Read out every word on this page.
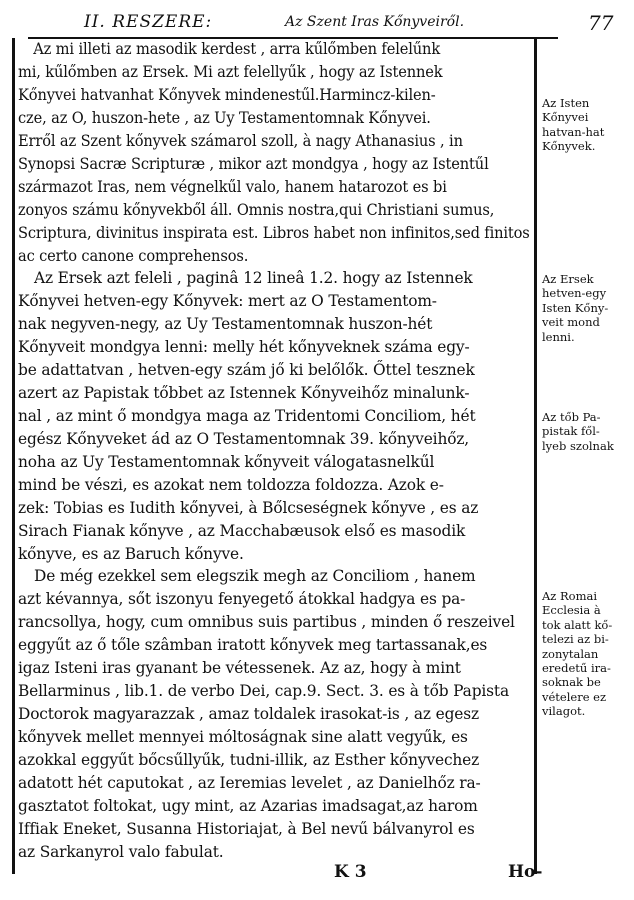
II. RESZERE:	Az Szent Iras Kőnyveiről.	77

Az mi illeti az masodik kerdest , arra kűlőmben felelűnk

mi, kűlőmben az Ersek. Mi azt felellyűk , hogy az Istennek

Kőnyvei hatvanhat Kőnyvek mindenestűl.Harmincz-kilen-

cze, az O, huszon-hete , az Uy Testamentomnak Kőnyvei.

Erről az Szent kőnyvek számarol szoll, à nagy Athanasius , in

Synopsi Sacræ Scripturæ , mikor azt mondgya , hogy az Istentűl

származot Iras, nem végnelkűl valo, hanem hatarozot es bi

zonyos számu kőnyvekből áll. Omnis nostra,qui Christiani sumus,

Scriptura, divinitus inspirata est. Libros habet non infinitos,sed finitos

ac certo canone comprehensos.

Az Ersek azt feleli , paginâ 12 lineâ 1.2. hogy az Istennek

Kőnyvei hetven-egy Kőnyvek: mert az O Testamentom-

nak negyven-negy, az Uy Testamentomnak huszon-hét

Kőnyveit mondgya lenni: melly hét kőnyveknek száma egy-

be adattatvan , hetven-egy szám jő ki belőlők. Őttel tesznek

azert az Papistak tőbbet az Istennek Kőnyveihőz minalunk-

nal , az mint ő mondgya maga az Tridentomi Conciliom, hét

egész Kőnyveket ád az O Testamentomnak 39. kőnyveihőz,

noha az Uy Testamentomnak kőnyveit válogatasnelkűl

mind be vészi, es azokat nem toldozza foldozza. Azok e-

zek: Tobias es Iudith kőnyvei, à Bőlcseségnek kőnyve , es az

Sirach Fianak kőnyve , az Macchabæusok első es masodik

kőnyve, es az Baruch kőnyve.

De még ezekkel sem elegszik megh az Conciliom , hanem

azt kévannya, sőt iszonyu fenyegető átokkal hadgya es pa-

rancsollya, hogy, cum omnibus suis partibus , minden ő reszeivel

eggyűt az ő tőle szâmban iratott kőnyvek meg tartassanak,es

igaz Isteni iras gyanant be vétessenek. Az az, hogy à mint

Bellarminus , lib.1. de verbo Dei, cap.9. Sect. 3. es à tőb Papista

Doctorok magyarazzak , amaz toldalek irasokat-is , az egesz

kőnyvek mellet mennyei móltoságnak sine alatt vegyűk, es

azokkal eggyűt bőcsűllyűk, tudni-illik, az Esther kőnyvechez

adatott hét caputokat , az Ieremias levelet , az Danielhőz ra-

gasztatot foltokat, ugy mint, az Azarias imadsagat,az harom

Iffiak Eneket, Susanna Historiajat, à Bel nevű bálvanyrol es

az Sarkanyrol valo fabulat.

Az Isten
Kőnyvei
hatvan-hat
Kőnyvek.
Az Ersek
hetven-egy
Isten Kőny-
veit mond
lenni.
Az tőb Pa-
pistak fől-
lyeb szolnak
Az Romai
Ecclesia à
tok alatt kő-
telezi az bi-
zonytalan
eredetű ira-
soknak be
vételere ez
vilagot.
K 3	Ho-
